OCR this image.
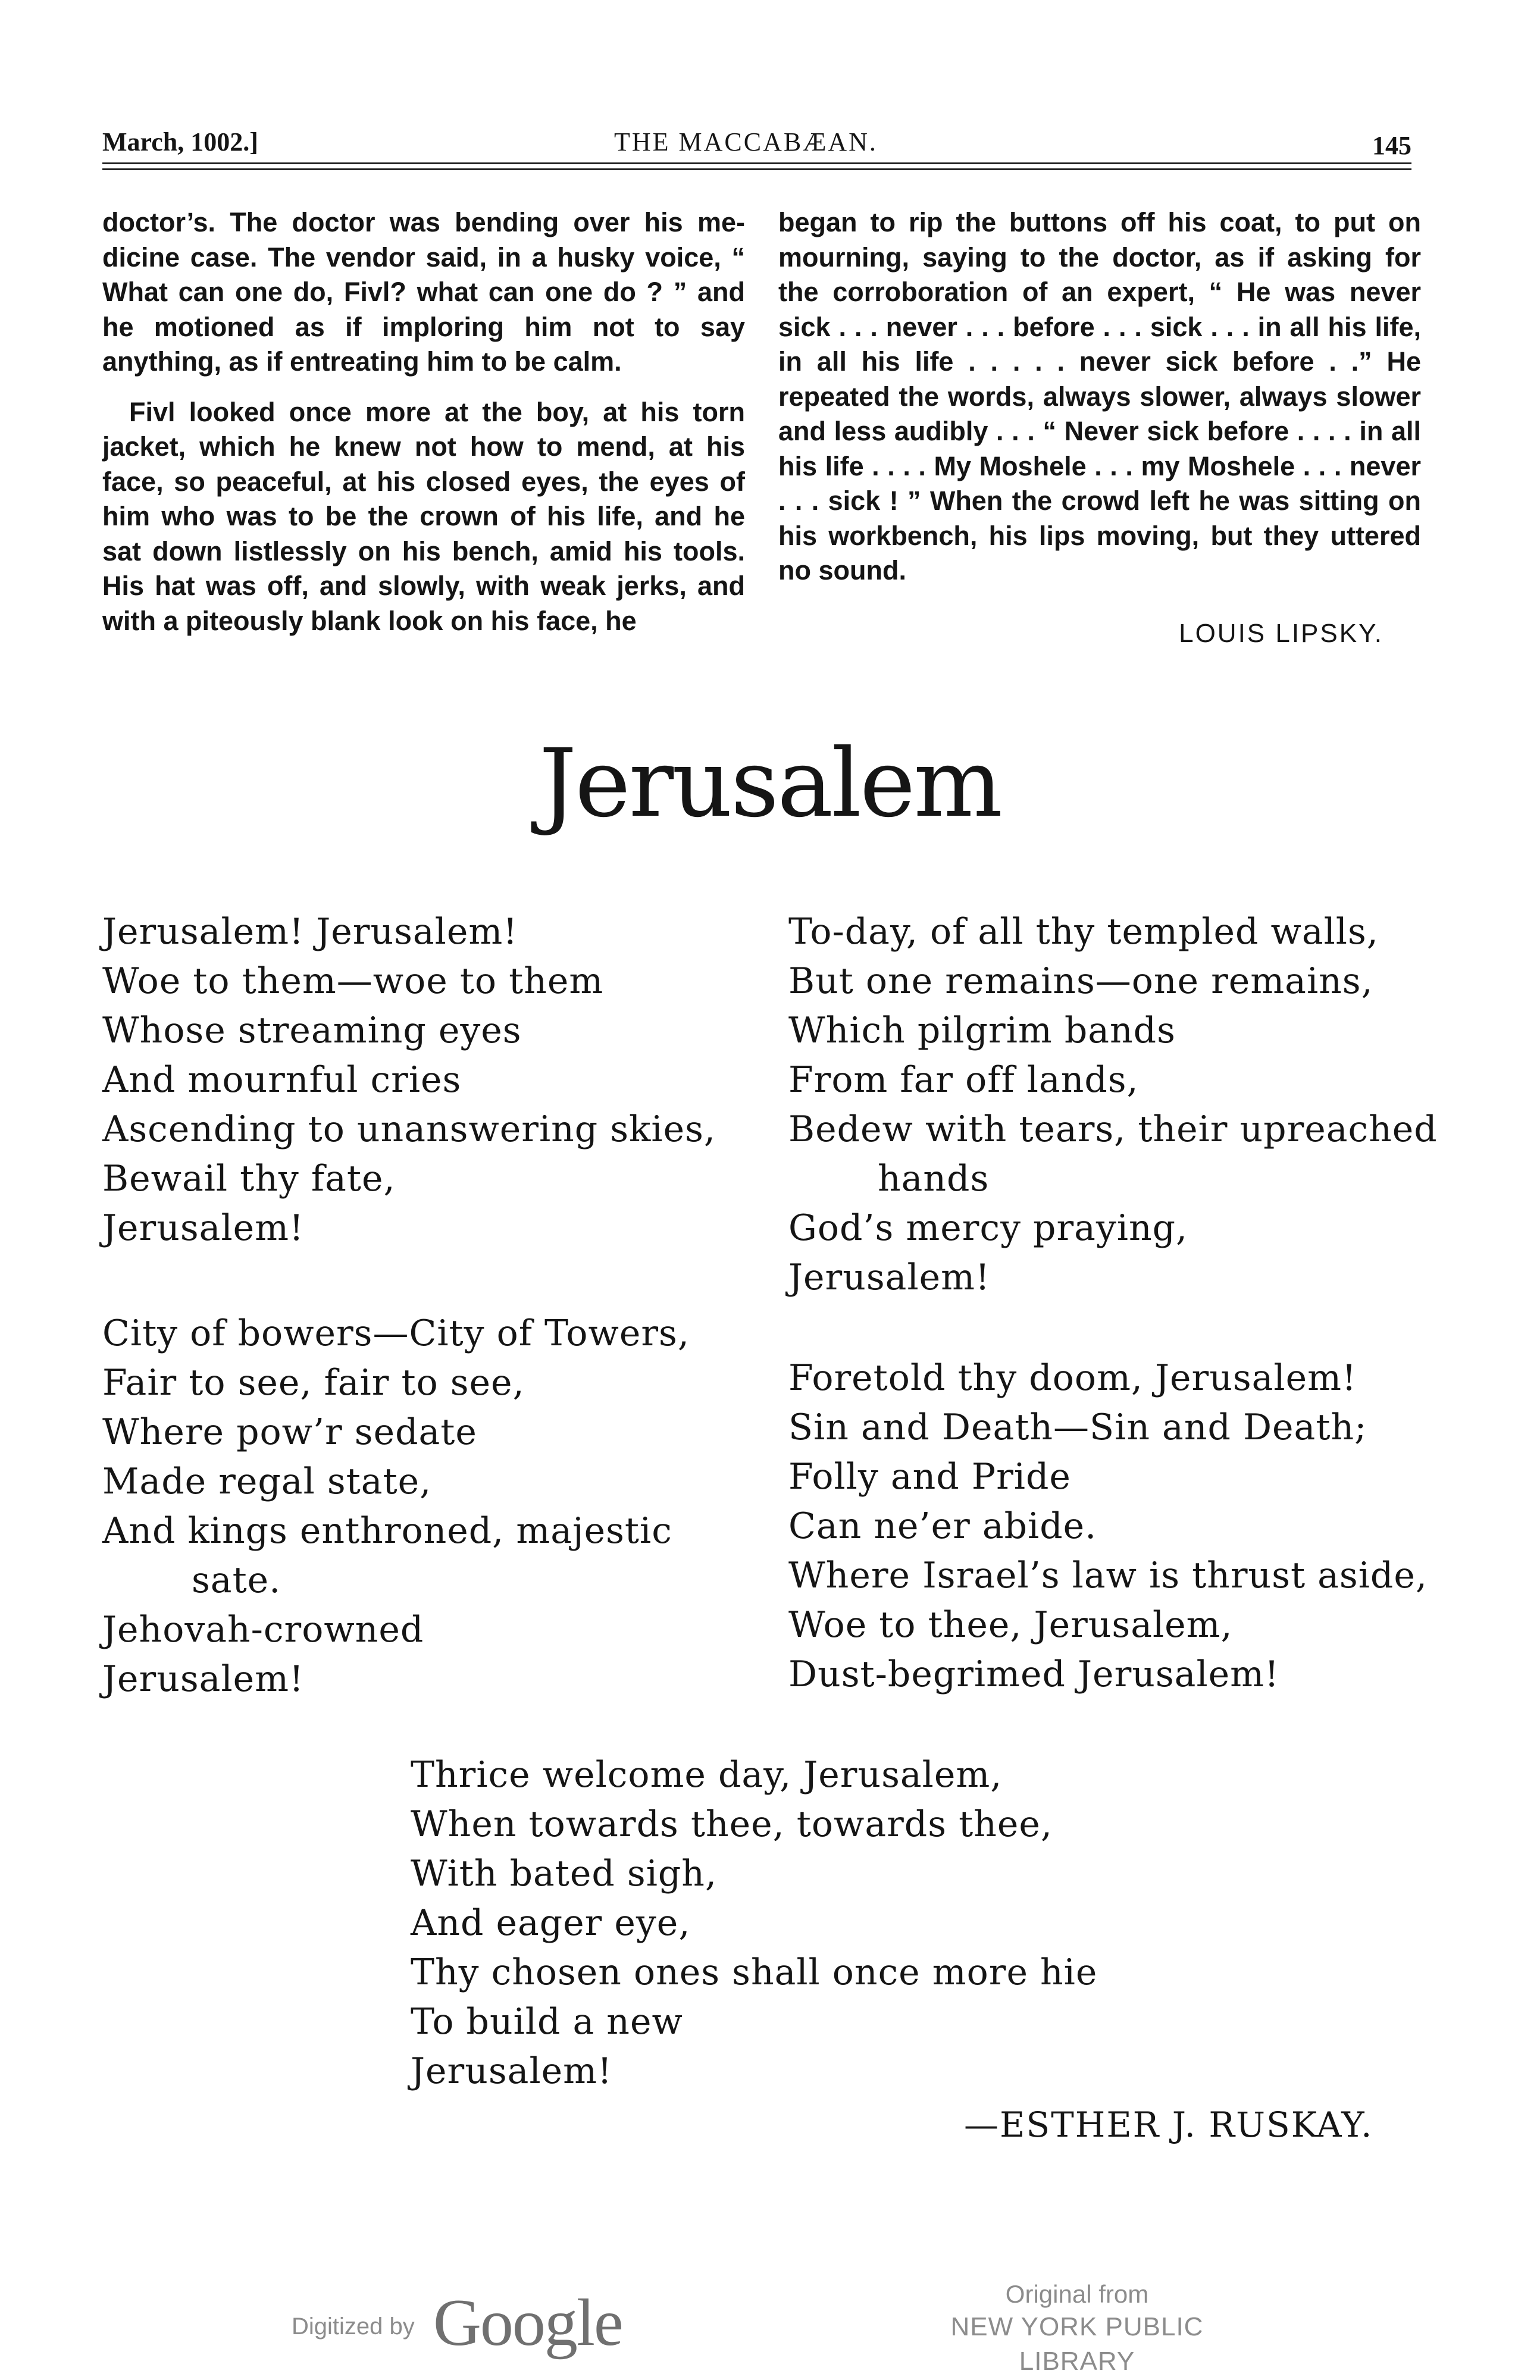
March, 1002.]	THE MACCABÆAN.	145

doctor’s. The doctor was bending over his medicine case. The vendor said, in a husky voice, “ What can one do, Fivl? what can one do ? ” and he motioned as if imploring him not to say anything, as if entreating him to be calm.

Fivl looked once more at the boy, at his torn jacket, which he knew not how to mend, at his face, so peaceful, at his closed eyes, the eyes of him who was to be the crown of his life, and he sat down listlessly on his bench, amid his tools. His hat was off, and slowly, with weak jerks, and with a piteously blank look on his face, he

began to rip the buttons off his coat, to put on mourning, saying to the doctor, as if asking for the corroboration of an expert, “ He was never sick . . . never . . . before . . . sick . . . in all his life, in all his life . . . . . never sick before . .” He repeated the words, always slower, always slower and less audibly . . . “ Never sick before . . . . in all his life . . . . My Moshele . . . my Moshele . . . never . . . sick ! ” When the crowd left he was sitting on his workbench, his lips moving, but they uttered no sound.

LOUIS LIPSKY.
Jerusalem
Jerusalem! Jerusalem!
Woe to them—woe to them
Whose streaming eyes
And mournful cries
Ascending to unanswering skies,
Bewail thy fate,
Jerusalem!
To-day, of all thy templed walls,
But one remains—one remains,
Which pilgrim bands
From far off lands,
Bedew with tears, their upreached
hands
God’s mercy praying,
Jerusalem!
City of bowers—City of Towers,
Fair to see, fair to see,
Where pow’r sedate
Made regal state,
And kings enthroned, majestic
sate.
Jehovah-crowned
Jerusalem!
Foretold thy doom, Jerusalem!
Sin and Death—Sin and Death;
Folly and Pride
Can ne’er abide.
Where Israel’s law is thrust aside,
Woe to thee, Jerusalem,
Dust-begrimed Jerusalem!
Thrice welcome day, Jerusalem,
When towards thee, towards thee,
With bated sigh,
And eager eye,
Thy chosen ones shall once more hie
To build a new
Jerusalem!
—ESTHER J. RUSKAY.
Digitized by Google	Original from
NEW YORK PUBLIC LIBRARY
